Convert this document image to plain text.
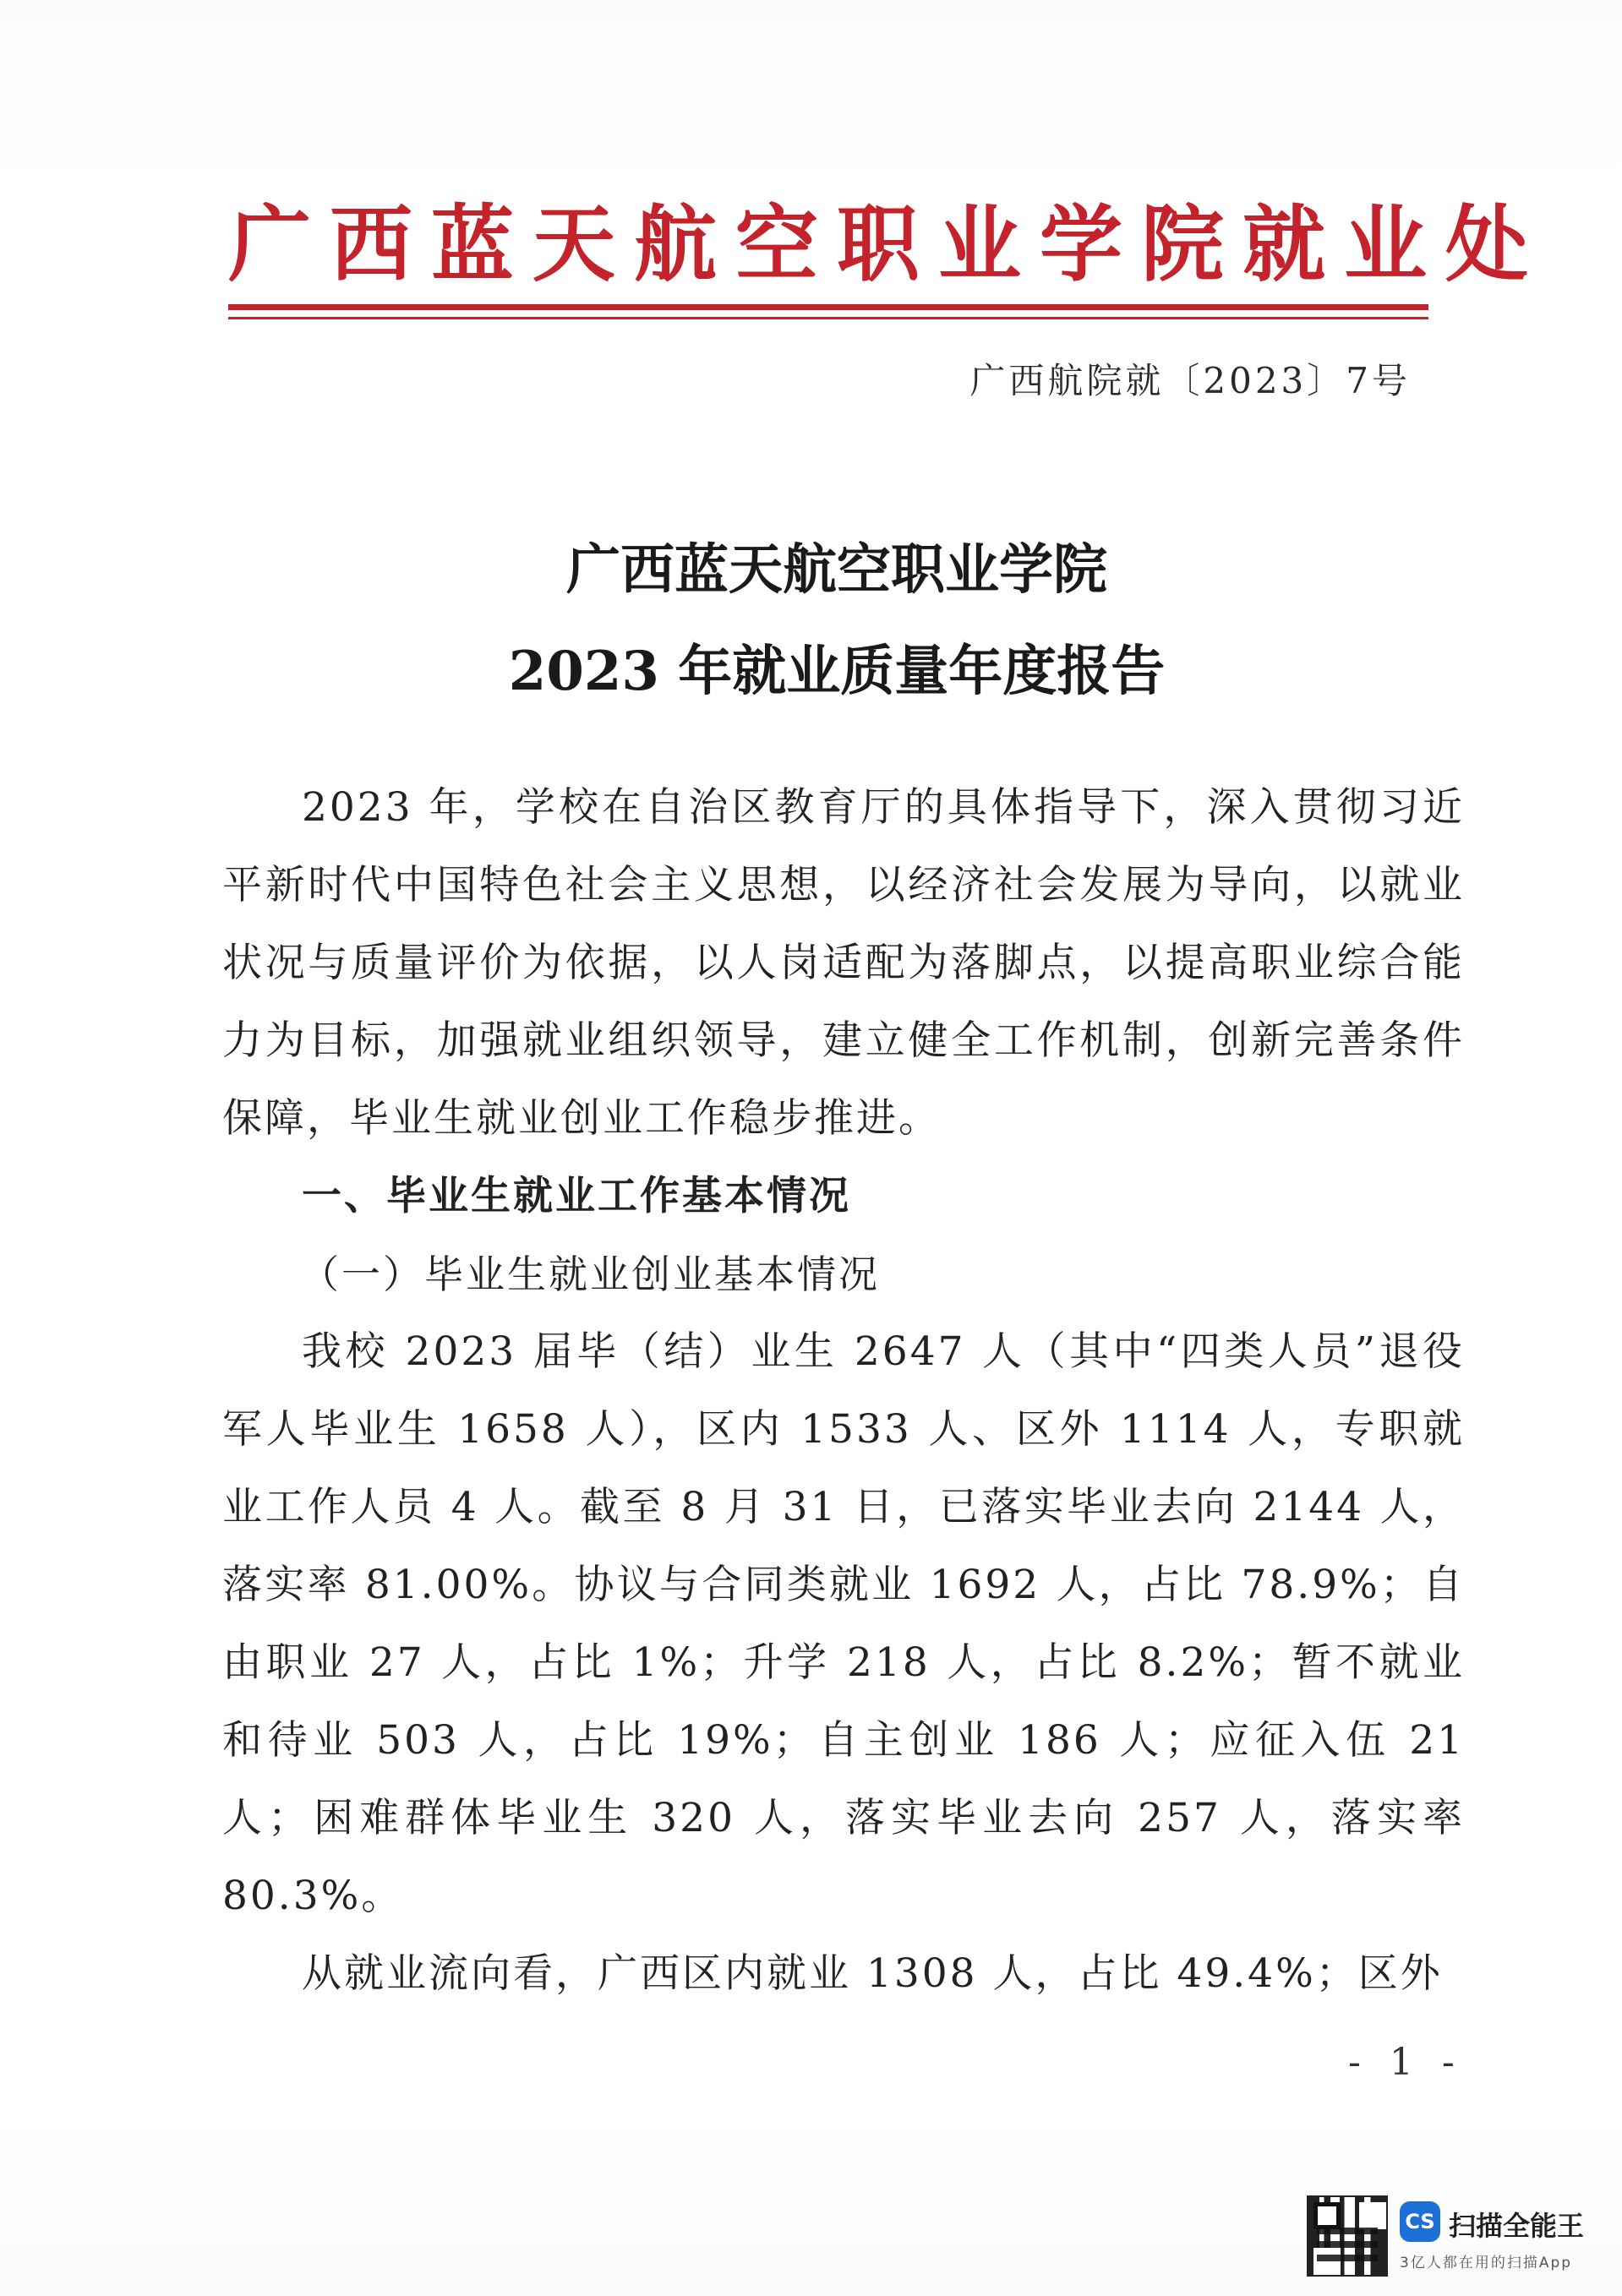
广西蓝天航空职业学院就业处
广西航院就〔2023〕7号
广西蓝天航空职业学院
2023 年就业质量年度报告

2023 年，学校在自治区教育厅的具体指导下，深入贯彻习近平新时代中国特色社会主义思想，以经济社会发展为导向，以就业状况与质量评价为依据，以人岗适配为落脚点，以提高职业综合能力为目标，加强就业组织领导，建立健全工作机制，创新完善条件保障，毕业生就业创业工作稳步推进。

一、毕业生就业工作基本情况

（一）毕业生就业创业基本情况

我校 2023 届毕（结）业生 2647 人（其中“四类人员”退役军人毕业生 1658 人），区内 1533 人、区外 1114 人，专职就业工作人员 4 人。截至 8 月 31 日，已落实毕业去向 2144 人，落实率 81.00%。协议与合同类就业 1692 人，占比 78.9%；自由职业 27 人，占比 1%；升学 218 人，占比 8.2%；暂不就业和待业 503 人，占比 19%；自主创业 186 人；应征入伍 21 人；困难群体毕业生 320 人，落实毕业去向 257 人，落实率 80.3%。

从就业流向看，广西区内就业 1308 人，占比 49.4%；区外

- 1 -
CS 扫描全能王
3亿人都在用的扫描App
